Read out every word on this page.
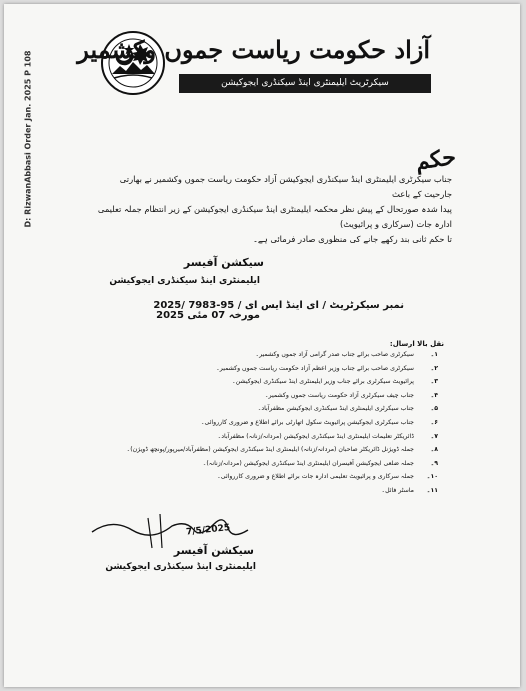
D: RizwanAbbasi Order Jan. 2025 P 108
آزاد حکومت ریاست جموں وکشمیر
سیکرٹریٹ ایلیمنٹری اینڈ سیکنڈری ایجوکیشن
حکم
جناب سیکرٹری ایلیمنٹری اینڈ سیکنڈری ایجوکیشن آزاد حکومت ریاست جموں وکشمیر نے بھارتی جارحیت کے باعث
پیدا شدہ صورتحال کے پیش نظر محکمہ ایلیمنٹری اینڈ سیکنڈری ایجوکیشن کے زیر انتظام جملہ تعلیمی ادارہ جات (سرکاری و پرائیویٹ)
تا حکم ثانی بند رکھے جانے کی منظوری صادر فرمائی ہے۔
سیکشن آفیسر
ایلیمنٹری اینڈ سیکنڈری ایجوکیشن
نمبر سیکرٹریٹ / ای اینڈ ایس ای / 95-7983 /2025
مورخہ 07 مئی 2025
نقل بالا ارسال:
۱۔
سیکرٹری صاحب برائے جناب صدر گرامی آزاد جموں وکشمیر۔
۲۔
سیکرٹری صاحب برائے جناب وزیر اعظم آزاد حکومت ریاست جموں وکشمیر۔
۳۔
پرائیویٹ سیکرٹری برائے جناب وزیر ایلیمنٹری اینڈ سیکنڈری ایجوکیشن۔
۴۔
جناب چیف سیکرٹری آزاد حکومت ریاست جموں وکشمیر۔
۵۔
جناب سیکرٹری ایلیمنٹری اینڈ سیکنڈری ایجوکیشن مظفرآباد۔
۶۔
جناب سیکرٹری ایجوکیشن پرائیویٹ سکول اتھارٹی برائے اطلاع و ضروری کارروائی۔
۷۔
ڈائریکٹر تعلیمات ایلیمنٹری اینڈ سیکنڈری ایجوکیشن (مردانہ/زنانہ) مظفرآباد۔
۸۔
جملہ ڈویژنل ڈائریکٹر صاحبان (مردانہ/زنانہ) ایلیمنٹری اینڈ سیکنڈری ایجوکیشن (مظفرآباد/میرپور/پونچھ ڈویژن)۔
۹۔
جملہ ضلعی ایجوکیشن آفیسران ایلیمنٹری اینڈ سیکنڈری ایجوکیشن (مردانہ/زنانہ)۔
۱۰۔
جملہ سرکاری و پرائیویٹ تعلیمی ادارہ جات برائے اطلاع و ضروری کارروائی۔
۱۱۔
ماسٹر فائل۔
7/5/2025
سیکشن آفیسر
ایلیمنٹری اینڈ سیکنڈری ایجوکیشن
